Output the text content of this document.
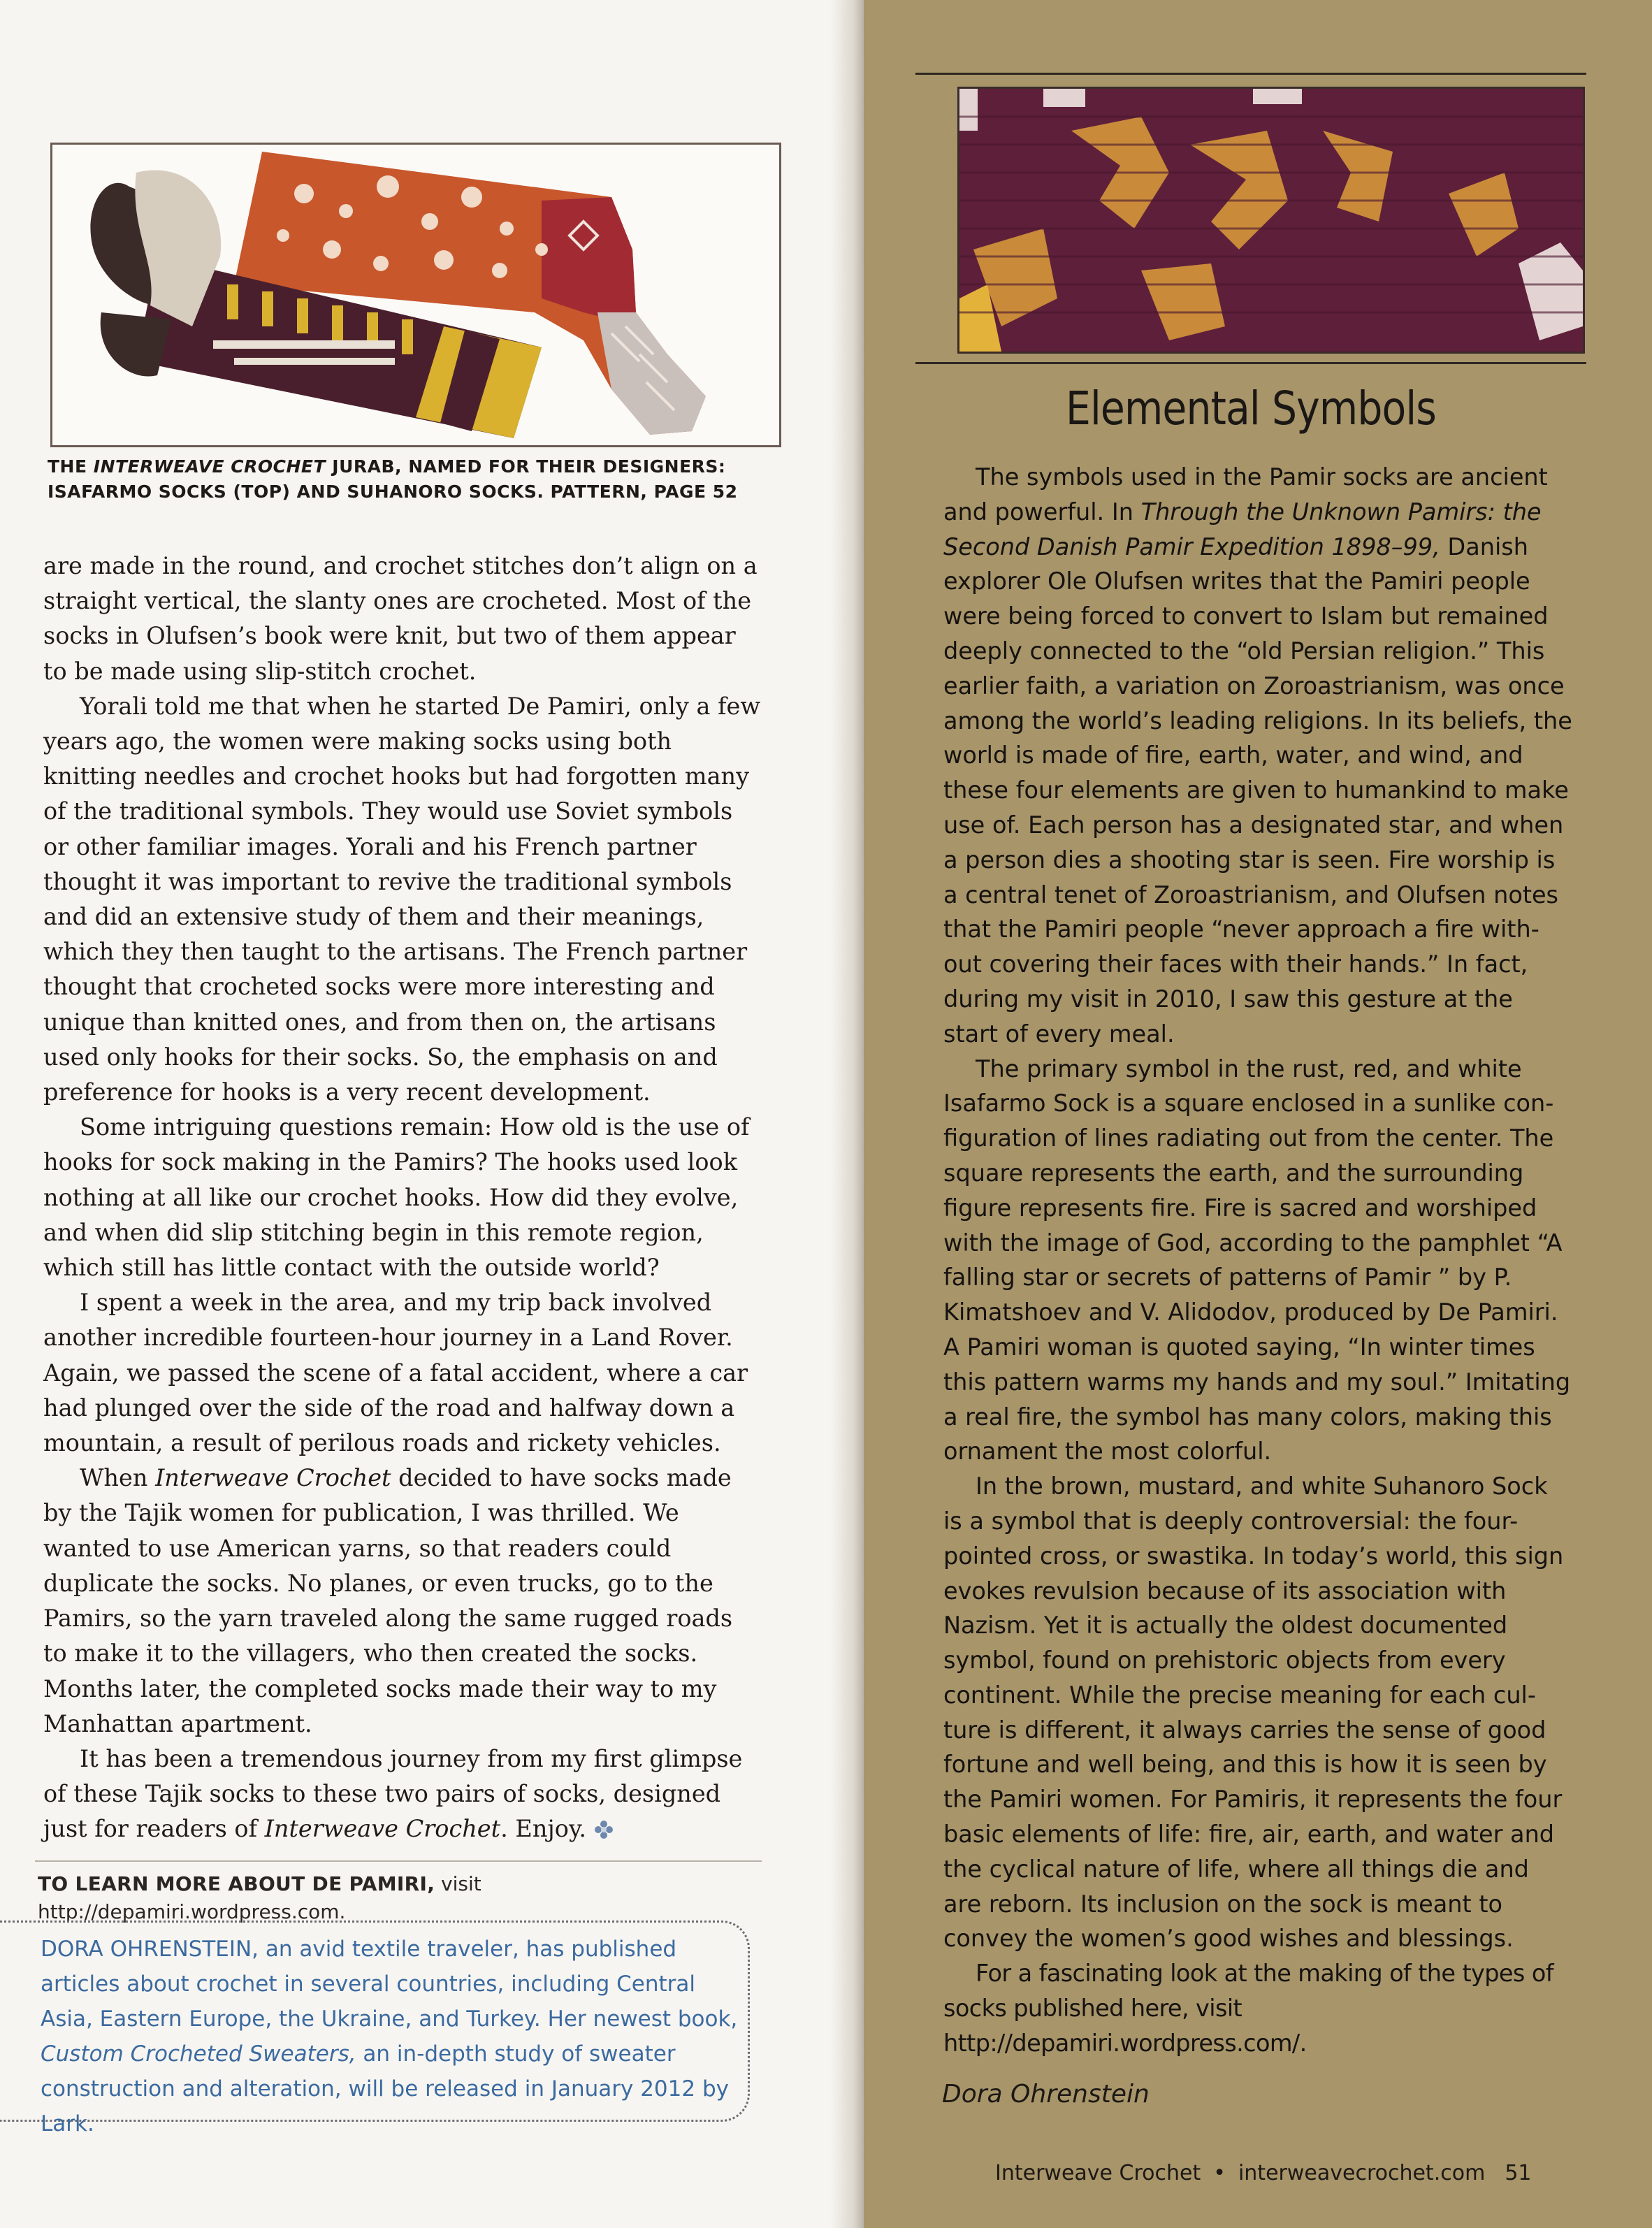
THE INTERWEAVE CROCHET JURAB, NAMED FOR THEIR DESIGNERS: ISAFARMO SOCKS (TOP) AND SUHANORO SOCKS. PATTERN, PAGE 52

are made in the round, and crochet stitches don’t align on a straight vertical, the slanty ones are crocheted. Most of the socks in Olufsen’s book were knit, but two of them appear to be made using slip-stitch crochet.

Yorali told me that when he started De Pamiri, only a few years ago, the women were making socks using both knitting needles and crochet hooks but had forgotten many of the traditional symbols. They would use Soviet symbols or other familiar images. Yorali and his French partner thought it was important to revive the traditional symbols and did an extensive study of them and their meanings, which they then taught to the artisans. The French partner thought that crocheted socks were more interesting and unique than knitted ones, and from then on, the artisans used only hooks for their socks. So, the emphasis on and preference for hooks is a very recent development.

Some intriguing questions remain: How old is the use of hooks for sock making in the Pamirs? The hooks used look nothing at all like our crochet hooks. How did they evolve, and when did slip stitching begin in this remote region, which still has little contact with the outside world?

I spent a week in the area, and my trip back involved another incredible fourteen-hour journey in a Land Rover. Again, we passed the scene of a fatal accident, where a car had plunged over the side of the road and halfway down a mountain, a result of perilous roads and rickety vehicles.

When Interweave Crochet decided to have socks made by the Tajik women for publication, I was thrilled. We wanted to use American yarns, so that readers could duplicate the socks. No planes, or even trucks, go to the Pamirs, so the yarn traveled along the same rugged roads to make it to the villagers, who then created the socks. Months later, the completed socks made their way to my Manhattan apartment.

It has been a tremendous journey from my first glimpse of these Tajik socks to these two pairs of socks, designed just for readers of Interweave Crochet. Enjoy.

TO LEARN MORE ABOUT DE PAMIRI, visit http://depamiri.wordpress.com.
DORA OHRENSTEIN, an avid textile traveler, has published articles about crochet in several countries, including Central Asia, Eastern Europe, the Ukraine, and Turkey. Her newest book, Custom Crocheted Sweaters, an in-depth study of sweater construction and alteration, will be released in January 2012 by Lark.
Elemental Symbols

The symbols used in the Pamir socks are ancient and powerful. In Through the Unknown Pamirs: the Second Danish Pamir Expedition 1898–99, Danish explorer Ole Olufsen writes that the Pamiri people were being forced to convert to Islam but remained deeply connected to the “old Persian religion.” This earlier faith, a variation on Zoroastrianism, was once among the world’s leading religions. In its beliefs, the world is made of fire, earth, water, and wind, and these four elements are given to humankind to make use of. Each person has a designated star, and when a person dies a shooting star is seen. Fire worship is a central tenet of Zoroastrianism, and Olufsen notes that the Pamiri people “never approach a fire with-out covering their faces with their hands.” In fact, during my visit in 2010, I saw this gesture at the start of every meal.

The primary symbol in the rust, red, and white Isafarmo Sock is a square enclosed in a sunlike con-figuration of lines radiating out from the center. The square represents the earth, and the surrounding figure represents fire. Fire is sacred and worshiped with the image of God, according to the pamphlet “A falling star or secrets of patterns of Pamir ” by P. Kimatshoev and V. Alidodov, produced by De Pamiri. A Pamiri woman is quoted saying, “In winter times this pattern warms my hands and my soul.” Imitating a real fire, the symbol has many colors, making this ornament the most colorful.

In the brown, mustard, and white Suhanoro Sock is a symbol that is deeply controversial: the four-pointed cross, or swastika. In today’s world, this sign evokes revulsion because of its association with Nazism. Yet it is actually the oldest documented symbol, found on prehistoric objects from every continent. While the precise meaning for each cul-ture is different, it always carries the sense of good fortune and well being, and this is how it is seen by the Pamiri women. For Pamiris, it represents the four basic elements of life: fire, air, earth, and water and the cyclical nature of life, where all things die and are reborn. Its inclusion on the sock is meant to convey the women’s good wishes and blessings.

For a fascinating look at the making of the types of socks published here, visit http://depamiri.wordpress.com/.

Dora Ohrenstein
Interweave Crochet • interweavecrochet.com 51
